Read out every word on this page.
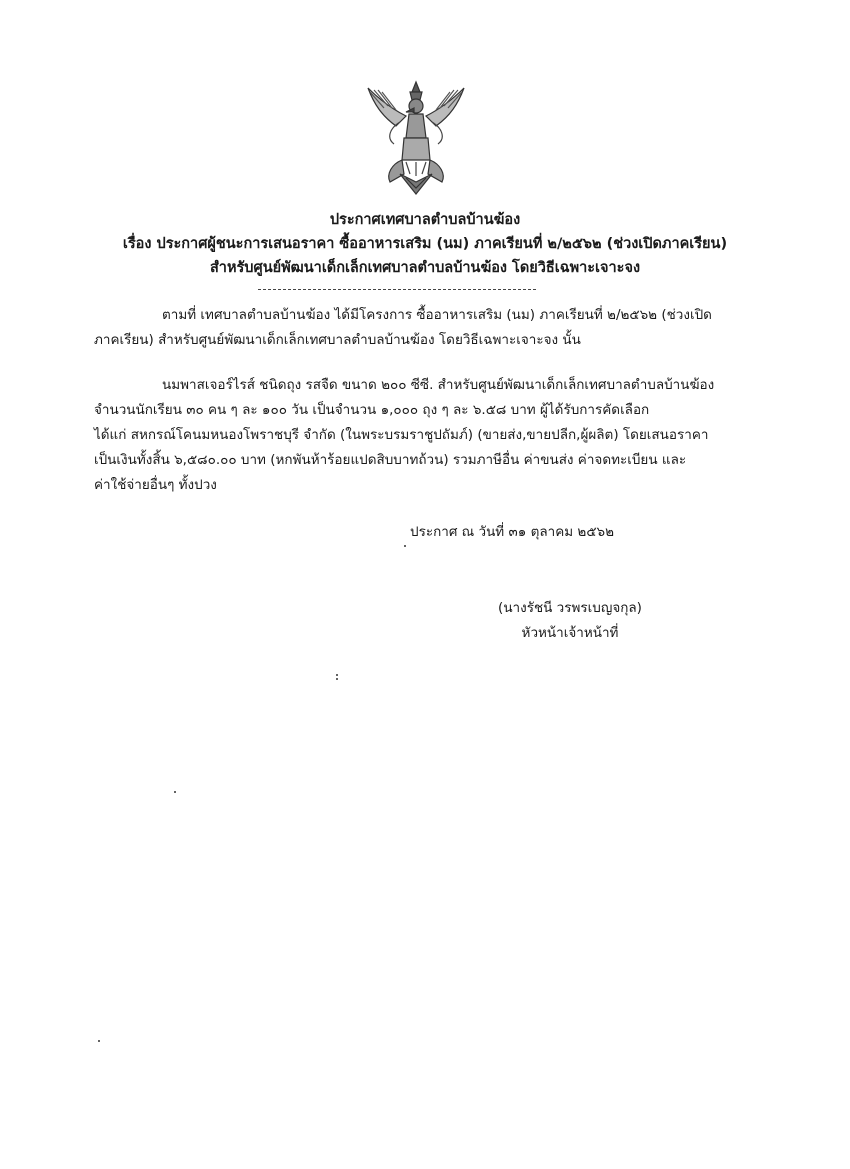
ประกาศเทศบาลตำบลบ้านฆ้อง
เรื่อง ประกาศผู้ชนะการเสนอราคา ซื้ออาหารเสริม (นม) ภาคเรียนที่ ๒/๒๕๖๒ (ช่วงเปิดภาคเรียน)
สำหรับศูนย์พัฒนาเด็กเล็กเทศบาลตำบลบ้านฆ้อง โดยวิธีเฉพาะเจาะจง
ตามที่ เทศบาลตำบลบ้านฆ้อง ได้มีโครงการ ซื้ออาหารเสริม (นม) ภาคเรียนที่ ๒/๒๕๖๒ (ช่วงเปิด
ภาคเรียน) สำหรับศูนย์พัฒนาเด็กเล็กเทศบาลตำบลบ้านฆ้อง โดยวิธีเฉพาะเจาะจง นั้น
นมพาสเจอร์ไรส์ ชนิดถุง รสจืด ขนาด ๒๐๐ ซีซี. สำหรับศูนย์พัฒนาเด็กเล็กเทศบาลตำบลบ้านฆ้อง
จำนวนนักเรียน ๓๐ คน ๆ ละ ๑๐๐ วัน เป็นจำนวน ๑,๐๐๐ ถุง ๆ ละ ๖.๕๘ บาท ผู้ได้รับการคัดเลือก
ได้แก่ สหกรณ์โคนมหนองโพราชบุรี จำกัด (ในพระบรมราชูปถัมภ์) (ขายส่ง,ขายปลีก,ผู้ผลิต) โดยเสนอราคา
เป็นเงินทั้งสิ้น ๖,๕๘๐.๐๐ บาท (หกพันห้าร้อยแปดสิบบาทถ้วน) รวมภาษีอื่น ค่าขนส่ง ค่าจดทะเบียน และ
ค่าใช้จ่ายอื่นๆ ทั้งปวง
ประกาศ ณ วันที่ ๓๑ ตุลาคม ๒๕๖๒
(นางรัชนี วรพรเบญจกุล)
หัวหน้าเจ้าหน้าที่
